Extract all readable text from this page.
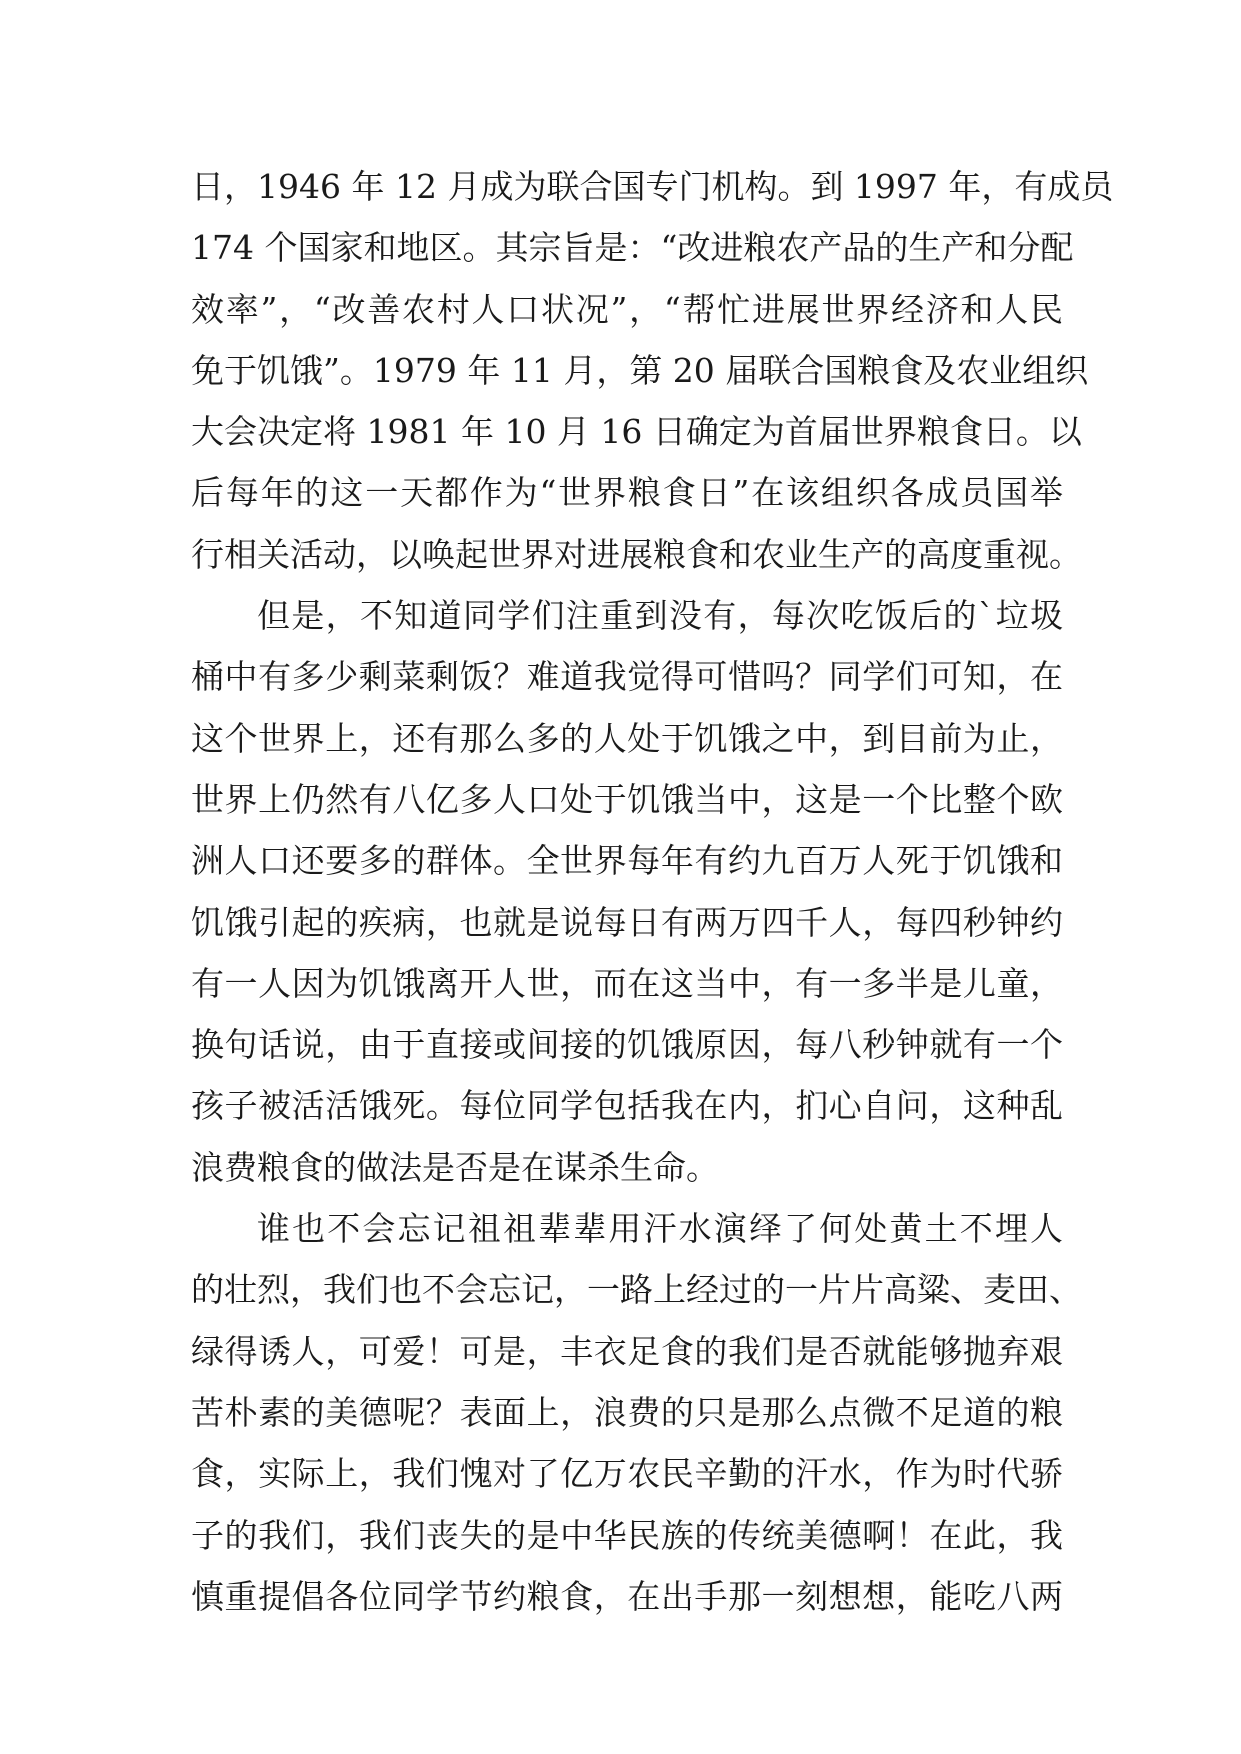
日，1946 年 12 月成为联合国专门机构。到 1997 年，有成员
174 个国家和地区。其宗旨是：“改进粮农产品的生产和分配
效率”，“改善农村人口状况”，“帮忙进展世界经济和人民
免于饥饿”。1979 年 11 月，第 20 届联合国粮食及农业组织
大会决定将 1981 年 10 月 16 日确定为首届世界粮食日。以
后每年的这一天都作为“世界粮食日”在该组织各成员国举
行相关活动，以唤起世界对进展粮食和农业生产的高度重视。
但是，不知道同学们注重到没有，每次吃饭后的`垃圾
桶中有多少剩菜剩饭？难道我觉得可惜吗？同学们可知，在
这个世界上，还有那么多的人处于饥饿之中，到目前为止，
世界上仍然有八亿多人口处于饥饿当中，这是一个比整个欧
洲人口还要多的群体。全世界每年有约九百万人死于饥饿和
饥饿引起的疾病，也就是说每日有两万四千人，每四秒钟约
有一人因为饥饿离开人世，而在这当中，有一多半是儿童，
换句话说，由于直接或间接的饥饿原因，每八秒钟就有一个
孩子被活活饿死。每位同学包括我在内，扪心自问，这种乱
浪费粮食的做法是否是在谋杀生命。
谁也不会忘记祖祖辈辈用汗水演绎了何处黄土不埋人
的壮烈，我们也不会忘记，一路上经过的一片片高粱、麦田、
绿得诱人，可爱！可是，丰衣足食的我们是否就能够抛弃艰
苦朴素的美德呢？表面上，浪费的只是那么点微不足道的粮
食，实际上，我们愧对了亿万农民辛勤的汗水，作为时代骄
子的我们，我们丧失的是中华民族的传统美德啊！在此，我
慎重提倡各位同学节约粮食，在出手那一刻想想，能吃八两
